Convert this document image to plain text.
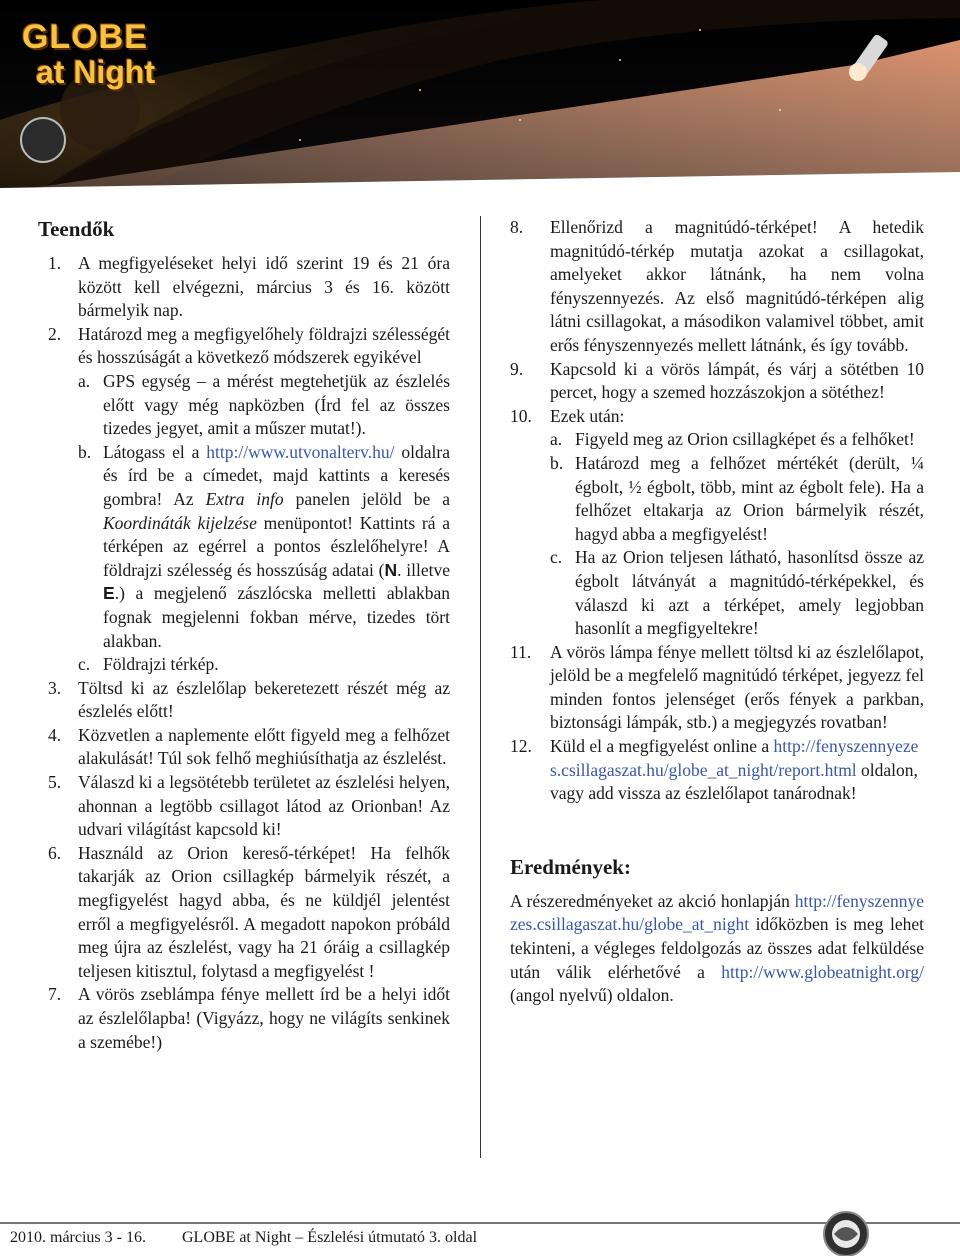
GLOBE
at Night
Teendők
1. A megfigyeléseket helyi idő szerint 19 és 21 óra között kell elvégezni, március 3 és 16. között bármelyik nap.
2. Határozd meg a megfigyelőhely földrajzi szélességét és hosszúságát a következő módszerek egyikével
a. GPS egység – a mérést megtehetjük az észlelés előtt vagy még napközben (Írd fel az összes tizedes jegyet, amit a műszer mutat!).
b. Látogass el a http://www.utvonalterv.hu/ oldalra és írd be a címedet, majd kattints a keresés gombra! Az Extra info panelen jelöld be a Koordináták kijelzése menüpontot! Kattints rá a térképen az egérrel a pontos észlelőhelyre! A földrajzi szélesség és hosszúság adatai (N. illetve E.) a megjelenő zászlócska melletti ablakban fognak megjelenni fokban mérve, tizedes tört alakban.
c. Földrajzi térkép.
3. Töltsd ki az észlelőlap bekeretezett részét még az észlelés előtt!
4. Közvetlen a naplemente előtt figyeld meg a felhőzet alakulását! Túl sok felhő meghiúsíthatja az észlelést.
5. Válaszd ki a legsötétebb területet az észlelési helyen, ahonnan a legtöbb csillagot látod az Orionban! Az udvari világítást kapcsold ki!
6. Használd az Orion kereső-térképet! Ha felhők takarják az Orion csillagkép bármelyik részét, a megfigyelést hagyd abba, és ne küldjél jelentést erről a megfigyelésről. A megadott napokon próbáld meg újra az észlelést, vagy ha 21 óráig a csillagkép teljesen kitisztul, folytasd a megfigyelést !
7. A vörös zseblámpa fénye mellett írd be a helyi időt az észlelőlapba! (Vigyázz, hogy ne világíts senkinek a szemébe!)
8. Ellenőrizd a magnitúdó-térképet! A hetedik magnitúdó-térkép mutatja azokat a csillagokat, amelyeket akkor látnánk, ha nem volna fényszennyezés. Az első magnitúdó-térképen alig látni csillagokat, a másodikon valamivel többet, amit erős fényszennyezés mellett látnánk, és így tovább.
9. Kapcsold ki a vörös lámpát, és várj a sötétben 10 percet, hogy a szemed hozzászokjon a sötéthez!
10. Ezek után:
a. Figyeld meg az Orion csillagképet és a felhőket!
b. Határozd meg a felhőzet mértékét (derült, ¼ égbolt, ½ égbolt, több, mint az égbolt fele). Ha a felhőzet eltakarja az Orion bármelyik részét, hagyd abba a megfigyelést!
c. Ha az Orion teljesen látható, hasonlítsd össze az égbolt látványát a magnitúdó-térképekkel, és válaszd ki azt a térképet, amely legjobban hasonlít a megfigyeltekre!
11. A vörös lámpa fénye mellett töltsd ki az észlelőlapot, jelöld be a megfelelő magnitúdó térképet, jegyezz fel minden fontos jelenséget (erős fények a parkban, biztonsági lámpák, stb.) a megjegyzés rovatban!
12. Küld el a megfigyelést online a http://fenyszennyezes.csillagaszat.hu/globe_at_night/report.html oldalon, vagy add vissza az észlelőlapot tanárodnak!
Eredmények:

A részeredményeket az akció honlapján http://fenyszennyezes.csillagaszat.hu/globe_at_night időközben is meg lehet tekinteni, a végleges feldolgozás az összes adat felküldése után válik elérhetővé a http://www.globeatnight.org/ (angol nyelvű) oldalon.

2010. március 3 - 16. GLOBE at Night – Észlelési útmutató 3. oldal
